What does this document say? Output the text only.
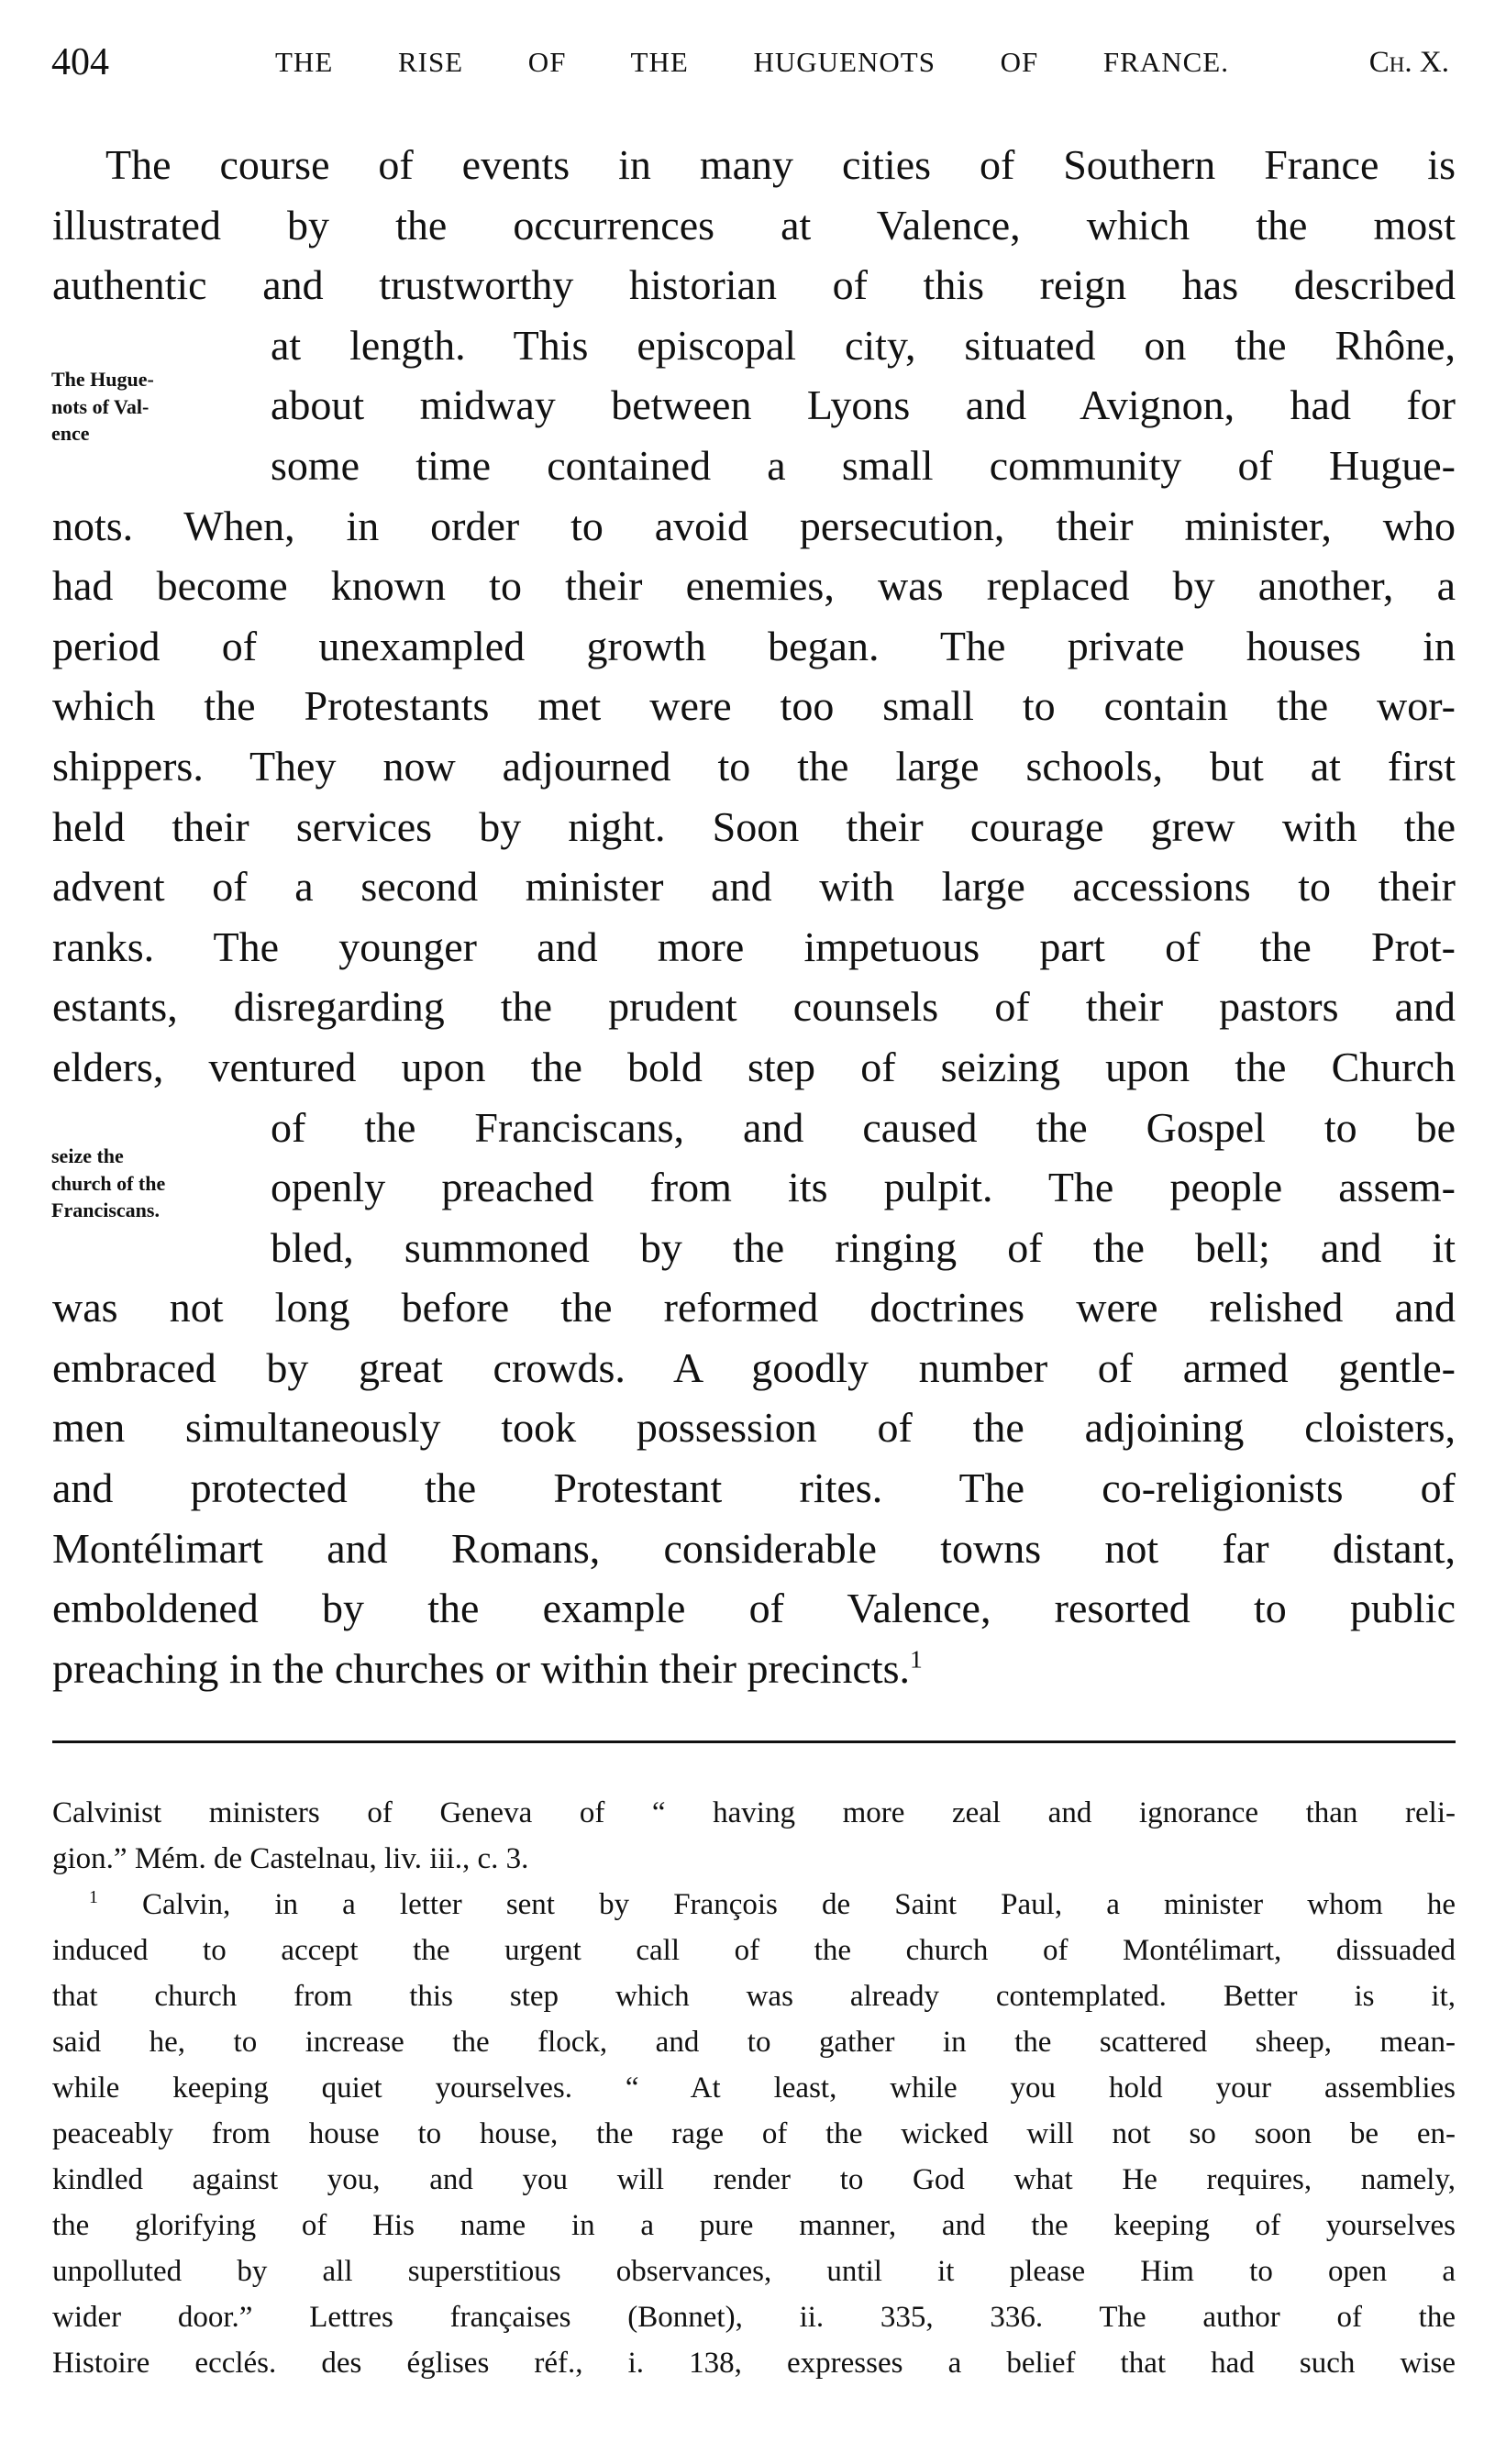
404	THE RISE OF THE HUGUENOTS OF FRANCE.	Ch. X.
The Hugue-
nots of Val-
ence
seize the
church of the
Franciscans.
The course of events in many cities of Southern France is
illustrated by the occurrences at Valence, which the most
authentic and trustworthy historian of this reign has described
at length. This episcopal city, situated on the Rhône,
about midway between Lyons and Avignon, had for
some time contained a small community of Hugue-
nots. When, in order to avoid persecution, their minister, who
had become known to their enemies, was replaced by another, a
period of unexampled growth began. The private houses in
which the Protestants met were too small to contain the wor-
shippers. They now adjourned to the large schools, but at first
held their services by night. Soon their courage grew with the
advent of a second minister and with large accessions to their
ranks. The younger and more impetuous part of the Prot-
estants, disregarding the prudent counsels of their pastors and
elders, ventured upon the bold step of seizing upon the Church
of the Franciscans, and caused the Gospel to be
openly preached from its pulpit. The people assem-
bled, summoned by the ringing of the bell; and it
was not long before the reformed doctrines were relished and
embraced by great crowds. A goodly number of armed gentle-
men simultaneously took possession of the adjoining cloisters,
and protected the Protestant rites. The co-religionists of
Montélimart and Romans, considerable towns not far distant,
emboldened by the example of Valence, resorted to public
preaching in the churches or within their precincts.$^1$
Calvinist ministers of Geneva of “ having more zeal and ignorance than reli-
gion.” Mém. de Castelnau, liv. iii., c. 3.
$^1$ Calvin, in a letter sent by François de Saint Paul, a minister whom he
induced to accept the urgent call of the church of Montélimart, dissuaded
that church from this step which was already contemplated. Better is it,
said he, to increase the flock, and to gather in the scattered sheep, mean-
while keeping quiet yourselves. “ At least, while you hold your assemblies
peaceably from house to house, the rage of the wicked will not so soon be en-
kindled against you, and you will render to God what He requires, namely,
the glorifying of His name in a pure manner, and the keeping of yourselves
unpolluted by all superstitious observances, until it please Him to open a
wider door.” Lettres françaises (Bonnet), ii. 335, 336. The author of the
Histoire ecclés. des églises réf., i. 138, expresses a belief that had such wise
